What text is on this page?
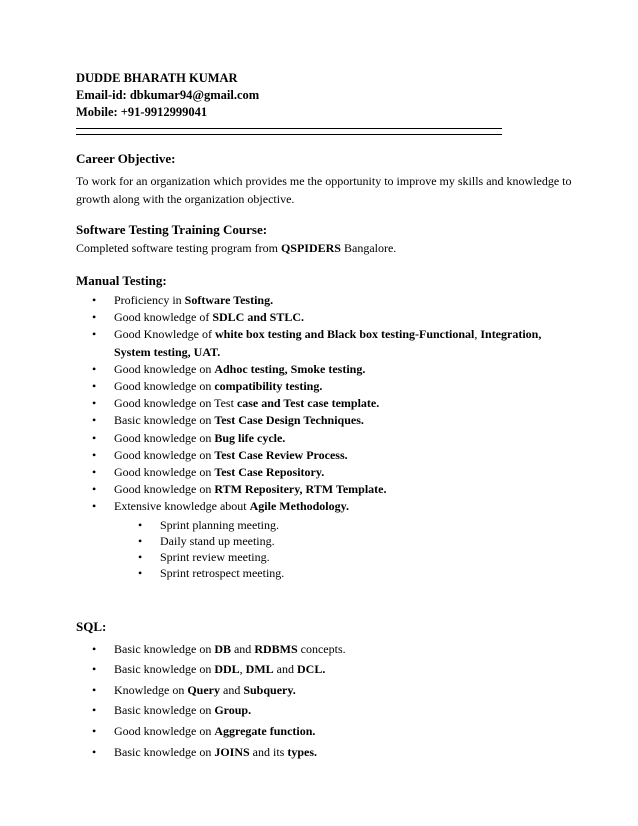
DUDDE BHARATH KUMAR

Email-id: dbkumar94@gmail.com

Mobile: +91-9912999041

Career Objective:

To work for an organization which provides me the opportunity to improve my skills and knowledge to growth along with the organization objective.

Software Testing Training Course:

Completed software testing program from QSPIDERS Bangalore.

Manual Testing:

• Proficiency in Software Testing.
• Good knowledge of SDLC and STLC.
• Good Knowledge of white box testing and Black box testing-Functional, Integration, System testing, UAT.
• Good knowledge on Adhoc testing, Smoke testing.
• Good knowledge on compatibility testing.
• Good knowledge on Test case and Test case template.
• Basic knowledge on Test Case Design Techniques.
• Good knowledge on Bug life cycle.
• Good knowledge on Test Case Review Process.
• Good knowledge on Test Case Repository.
• Good knowledge on RTM Repositery, RTM Template.
• Extensive knowledge about Agile Methodology.
• Sprint planning meeting.
• Daily stand up meeting.
• Sprint review meeting.
• Sprint retrospect meeting.

SQL:

• Basic knowledge on DB and RDBMS concepts.
• Basic knowledge on DDL, DML and DCL.
• Knowledge on Query and Subquery.
• Basic knowledge on Group.
• Good knowledge on Aggregate function.
• Basic knowledge on JOINS and its types.
